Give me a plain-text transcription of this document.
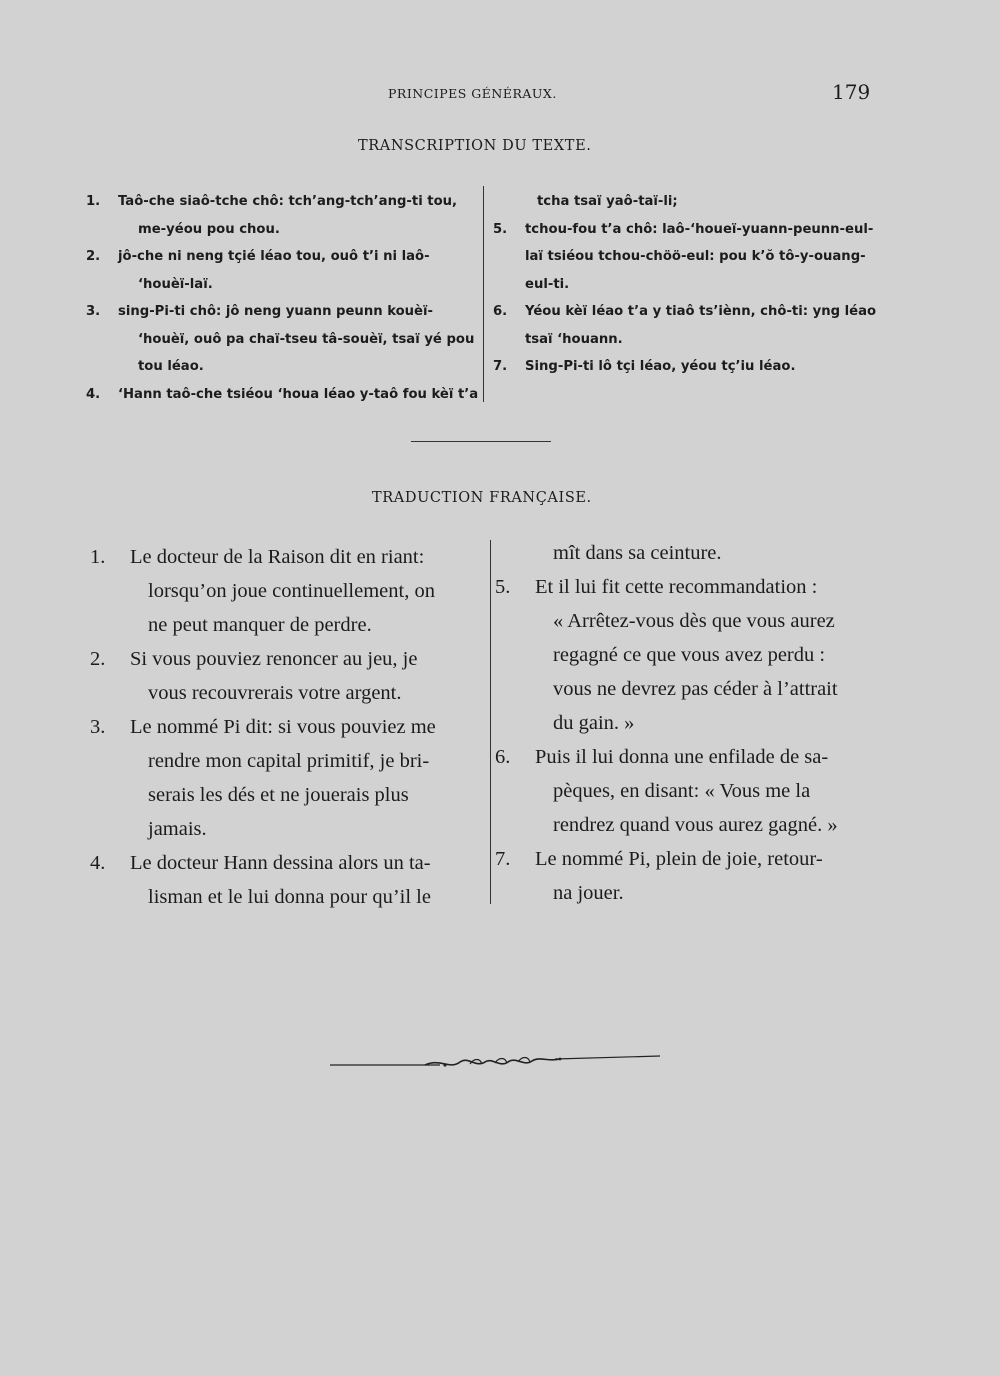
PRINCIPES GÉNÉRAUX.	179
TRANSCRIPTION DU TEXTE.
1. Taô-che siaô-tche chô: tch’ang-tch’ang-ti tou,
me-yéou pou chou.
2. jô-che ni neng tçié léao tou, ouô t’i ni laô-
‘houèï-laï.
3. sing-Pi-ti chô: jô neng yuann peunn kouèï-
‘houèï, ouô pa chaï-tseu tâ-souèï, tsaï yé pou
tou léao.
4. ‘Hann taô-che tsiéou ‘houa léao y-taô fou kèï t’a
tcha tsaï yaô-taï-li;
5. tchou-fou t’a chô: laô-‘houeï-yuann-peunn-eul-
laï tsiéou tchou-chöö-eul: pou k’ŏ tô-y-ouang-
eul-ti.
6. Yéou kèï léao t’a y tiaô ts’iènn, chô-ti: yng léao
tsaï ‘houann.
7. Sing-Pi-ti lô tçi léao, yéou tç’iu léao.
TRADUCTION FRANÇAISE.
1. Le docteur de la Raison dit en riant:
lorsqu’on joue continuellement, on
ne peut manquer de perdre.
2. Si vous pouviez renoncer au jeu, je
vous recouvrerais votre argent.
3. Le nommé Pi dit: si vous pouviez me
rendre mon capital primitif, je bri-
serais les dés et ne jouerais plus
jamais.
4. Le docteur Hann dessina alors un ta-
lisman et le lui donna pour qu’il le
mît dans sa ceinture.
5. Et il lui fit cette recommandation :
« Arrêtez-vous dès que vous aurez
regagné ce que vous avez perdu :
vous ne devrez pas céder à l’attrait
du gain. »
6. Puis il lui donna une enfilade de sa-
pèques, en disant: « Vous me la
rendrez quand vous aurez gagné. »
7. Le nommé Pi, plein de joie, retour-
na jouer.
